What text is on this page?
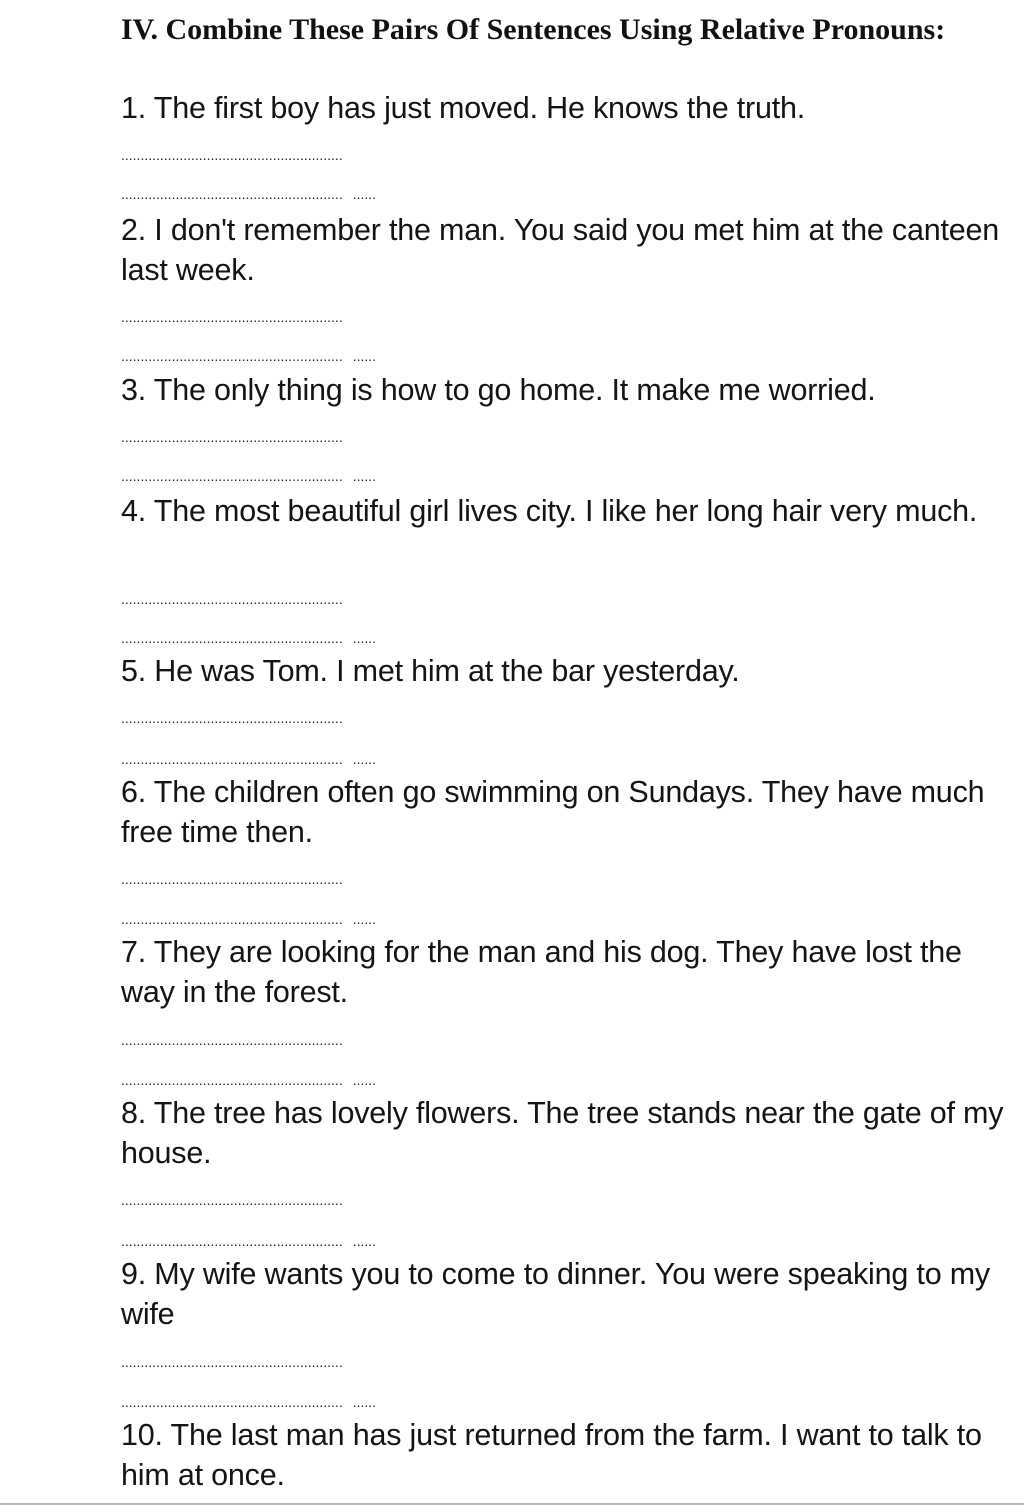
IV. Combine These Pairs Of Sentences Using Relative Pronouns:
1. The first boy has just moved. He knows the truth.
.........................................................
......................................................... ......
2. I don't remember the man. You said you met him at the canteen last week.
.........................................................
......................................................... ......
3. The only thing is how to go home. It make me worried.
.........................................................
......................................................... ......
4. The most beautiful girl lives city. I like her long hair very much.
.........................................................
......................................................... ......
5. He was Tom. I met him at the bar yesterday.
.........................................................
......................................................... ......
6. The children often go swimming on Sundays. They have much free time then.
.........................................................
......................................................... ......
7. They are looking for the man and his dog. They have lost the way in the forest.
.........................................................
......................................................... ......
8. The tree has lovely flowers. The tree stands near the gate of my house.
.........................................................
......................................................... ......
9. My wife wants you to come to dinner. You were speaking to my wife
.........................................................
......................................................... ......
10. The last man has just returned from the farm. I want to talk to him at once.
